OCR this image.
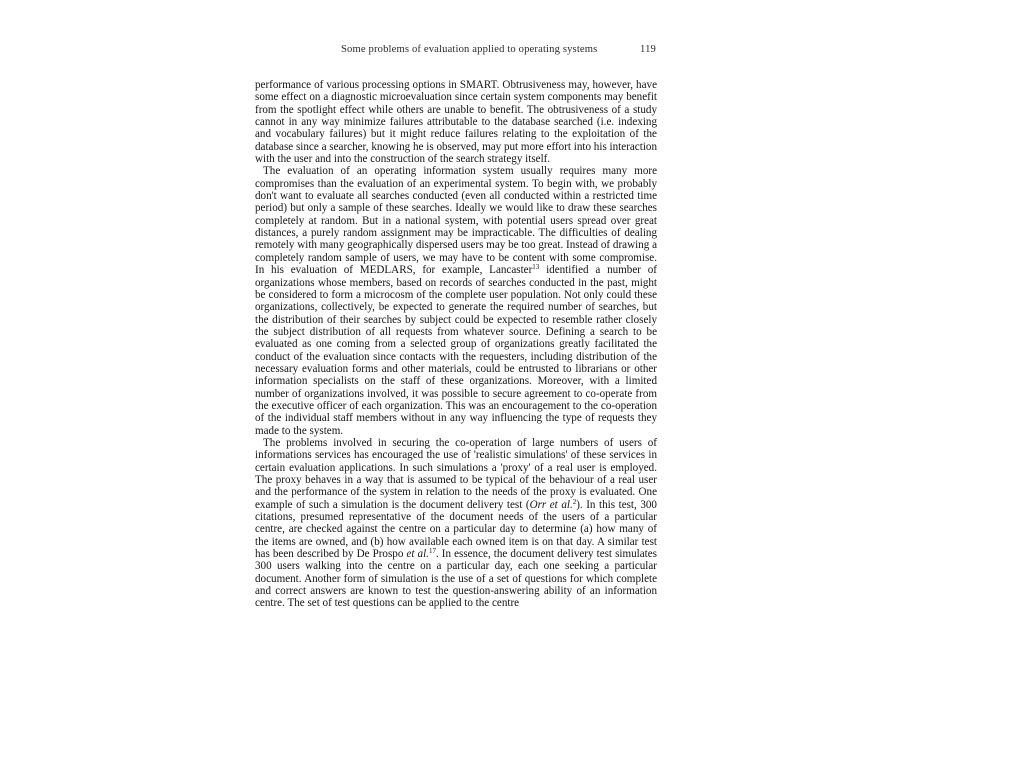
Some problems of evaluation applied to operating systems	119

performance of various processing options in SMART. Obtrusiveness may, however, have some effect on a diagnostic microevaluation since certain system components may benefit from the spotlight effect while others are unable to benefit. The obtrusiveness of a study cannot in any way minimize failures attributable to the database searched (i.e. indexing and vocabulary failures) but it might reduce failures relating to the exploitation of the database since a searcher, knowing he is observed, may put more effort into his interaction with the user and into the construction of the search strategy itself.

The evaluation of an operating information system usually requires many more compromises than the evaluation of an experimental system. To begin with, we probably don't want to evaluate all searches conducted (even all conducted within a restricted time period) but only a sample of these searches. Ideally we would like to draw these searches completely at random. But in a national system, with potential users spread over great distances, a purely random assignment may be impracticable. The difficulties of dealing remotely with many geographically dispersed users may be too great. Instead of drawing a completely random sample of users, we may have to be content with some compromise. In his evaluation of MEDLARS, for example, Lancaster$^{13}$ identified a number of organizations whose members, based on records of searches conducted in the past, might be considered to form a microcosm of the complete user population. Not only could these organizations, collectively, be expected to generate the required number of searches, but the distribution of their searches by subject could be expected to resemble rather closely the subject distribution of all requests from whatever source. Defining a search to be evaluated as one coming from a selected group of organizations greatly facilitated the conduct of the evaluation since contacts with the requesters, including distribution of the necessary evaluation forms and other materials, could be entrusted to librarians or other information specialists on the staff of these organizations. Moreover, with a limited number of organizations involved, it was possible to secure agreement to co-operate from the executive officer of each organization. This was an encouragement to the co-operation of the individual staff members without in any way influencing the type of requests they made to the system.

The problems involved in securing the co-operation of large numbers of users of informations services has encouraged the use of 'realistic simulations' of these services in certain evaluation applications. In such simulations a 'proxy' of a real user is employed. The proxy behaves in a way that is assumed to be typical of the behaviour of a real user and the performance of the system in relation to the needs of the proxy is evaluated. One example of such a simulation is the document delivery test (Orr et al.$^2$). In this test, 300 citations, presumed representative of the document needs of the users of a particular centre, are checked against the centre on a particular day to determine (a) how many of the items are owned, and (b) how available each owned item is on that day. A similar test has been described by De Prospo et al.$^{17}$. In essence, the document delivery test simulates 300 users walking into the centre on a particular day, each one seeking a particular document. Another form of simulation is the use of a set of questions for which complete and correct answers are known to test the question-answering ability of an information centre. The set of test questions can be applied to the centre
